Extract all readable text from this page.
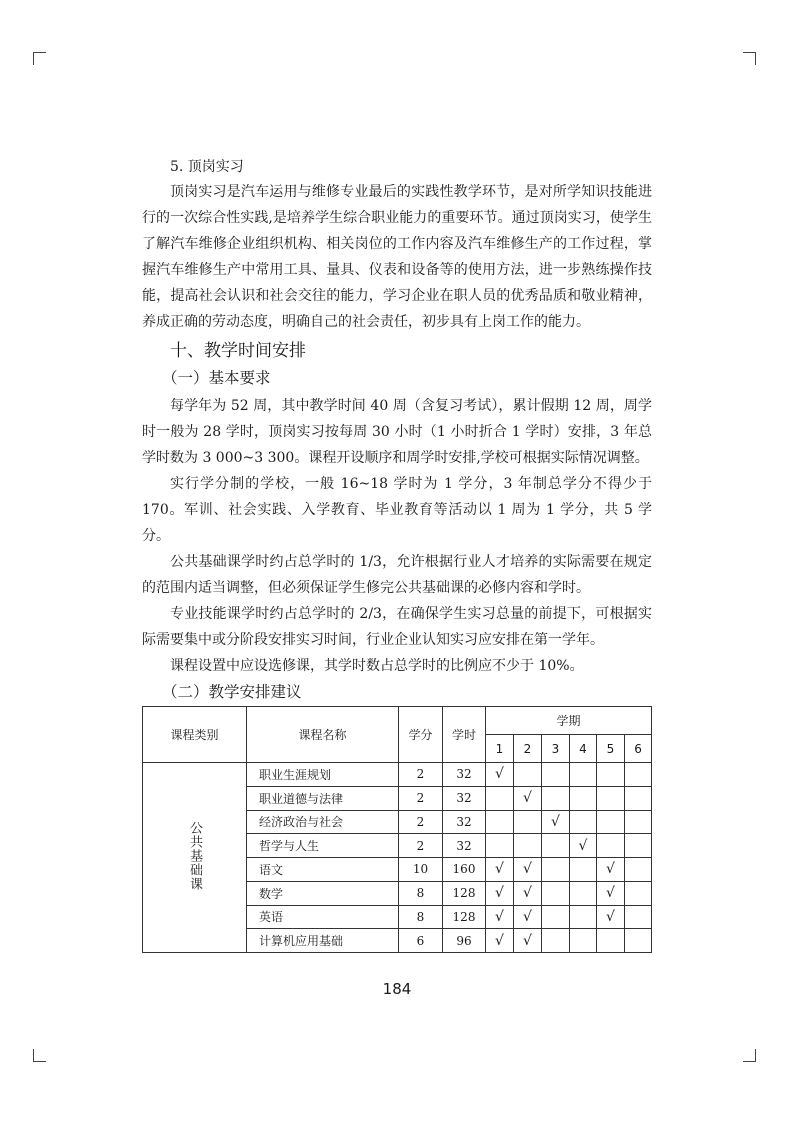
5. 顶岗实习

顶岗实习是汽车运用与维修专业最后的实践性教学环节，是对所学知识技能进行的一次综合性实践,是培养学生综合职业能力的重要环节。通过顶岗实习，使学生了解汽车维修企业组织机构、相关岗位的工作内容及汽车维修生产的工作过程，掌握汽车维修生产中常用工具、量具、仪表和设备等的使用方法，进一步熟练操作技能，提高社会认识和社会交往的能力，学习企业在职人员的优秀品质和敬业精神，养成正确的劳动态度，明确自己的社会责任，初步具有上岗工作的能力。

十、教学时间安排
（一）基本要求

每学年为 52 周，其中教学时间 40 周（含复习考试），累计假期 12 周，周学时一般为 28 学时，顶岗实习按每周 30 小时（1 小时折合 1 学时）安排，3 年总学时数为 3 000~3 300。课程开设顺序和周学时安排,学校可根据实际情况调整。

实行学分制的学校，一般 16~18 学时为 1 学分，3 年制总学分不得少于 170。军训、社会实践、入学教育、毕业教育等活动以 1 周为 1 学分，共 5 学分。

公共基础课学时约占总学时的 1/3，允许根据行业人才培养的实际需要在规定的范围内适当调整，但必须保证学生修完公共基础课的必修内容和学时。

专业技能课学时约占总学时的 2/3，在确保学生实习总量的前提下，可根据实际需要集中或分阶段安排实习时间，行业企业认知实习应安排在第一学年。

课程设置中应设选修课，其学时数占总学时的比例应不少于 10%。

（二）教学安排建议
课程类别	课程名称	学分	学时	学期					
				1	2	3	4	5	6
公共基础课	职业生涯规划	2	32	√					
	职业道德与法律	2	32		√				
	经济政治与社会	2	32			√			
	哲学与人生	2	32				√		
	语文	10	160	√	√			√	
	数学	8	128	√	√			√	
	英语	8	128	√	√			√	
	计算机应用基础	6	96	√	√				
184
